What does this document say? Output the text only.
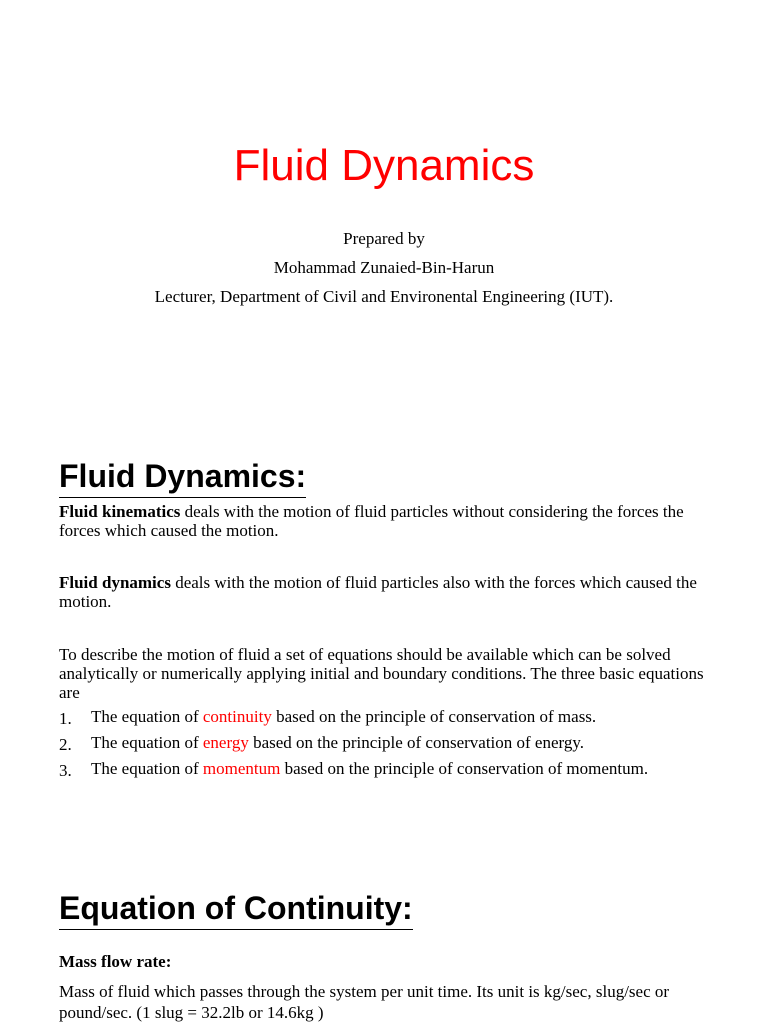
Fluid Dynamics
Prepared by
Mohammad Zunaied-Bin-Harun
Lecturer, Department of Civil and Environental Engineering (IUT).
Fluid Dynamics:
Fluid kinematics deals with the motion of fluid particles without considering the forces the forces which caused the motion.
Fluid dynamics deals with the motion of fluid particles also with the forces which caused the motion.
To describe the motion of fluid a set of equations should be available which can be solved analytically or numerically applying initial and boundary conditions. The three basic equations are
1.	The equation of continuity based on the principle of conservation of mass.
2.	The equation of energy based on the principle of conservation of energy.
3.	The equation of momentum based on the principle of conservation of momentum.
Equation of Continuity:
Mass flow rate:
Mass of fluid which passes through the system per unit time. Its unit is kg/sec, slug/sec or pound/sec. (1 slug = 32.2lb or 14.6kg )
